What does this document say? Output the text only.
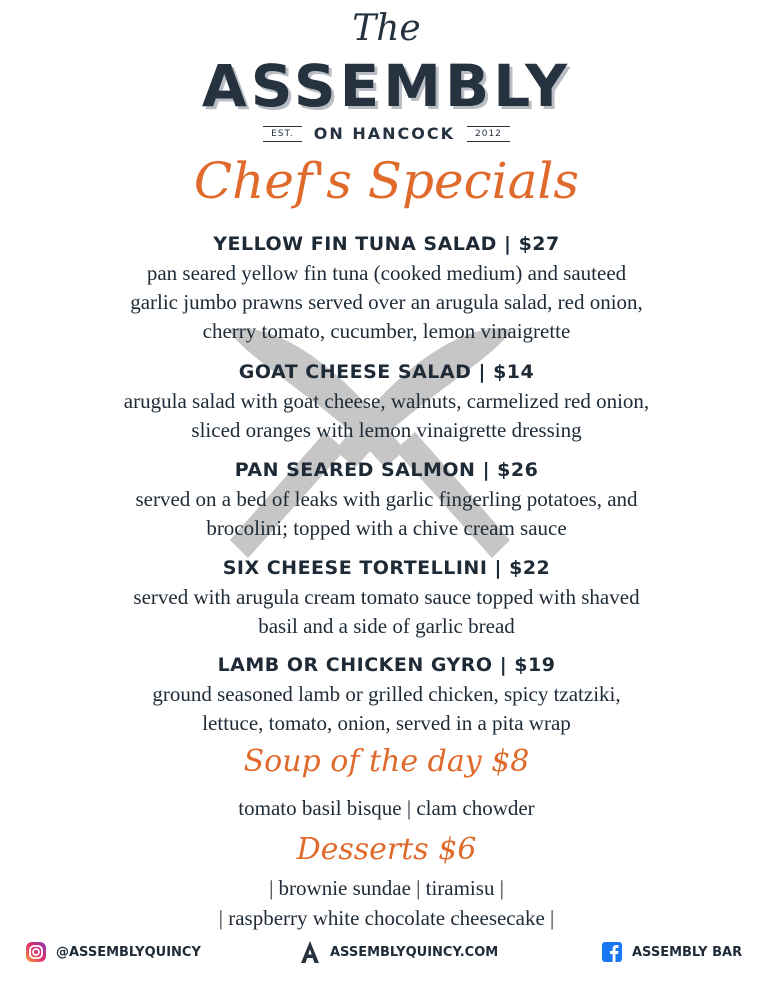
The
ASSEMBLY
EST.	ON HANCOCK	2012
Chef's Specials
YELLOW FIN TUNA SALAD | $27
pan seared yellow fin tuna (cooked medium) and sauteed
garlic jumbo prawns served over an arugula salad, red onion,
cherry tomato, cucumber, lemon vinaigrette
GOAT CHEESE SALAD | $14
arugula salad with goat cheese, walnuts, carmelized red onion,
sliced oranges with lemon vinaigrette dressing
PAN SEARED SALMON | $26
served on a bed of leaks with garlic fingerling potatoes, and
brocolini; topped with a chive cream sauce
SIX CHEESE TORTELLINI | $22
served with arugula cream tomato sauce topped with shaved
basil and a side of garlic bread
LAMB OR CHICKEN GYRO | $19
ground seasoned lamb or grilled chicken, spicy tzatziki,
lettuce, tomato, onion, served in a pita wrap
Soup of the day $8
tomato basil bisque | clam chowder
Desserts $6
| brownie sundae | tiramisu |
| raspberry white chocolate cheesecake |
@ASSEMBLYQUINCY	ASSEMBLYQUINCY.COM	ASSEMBLY BAR
